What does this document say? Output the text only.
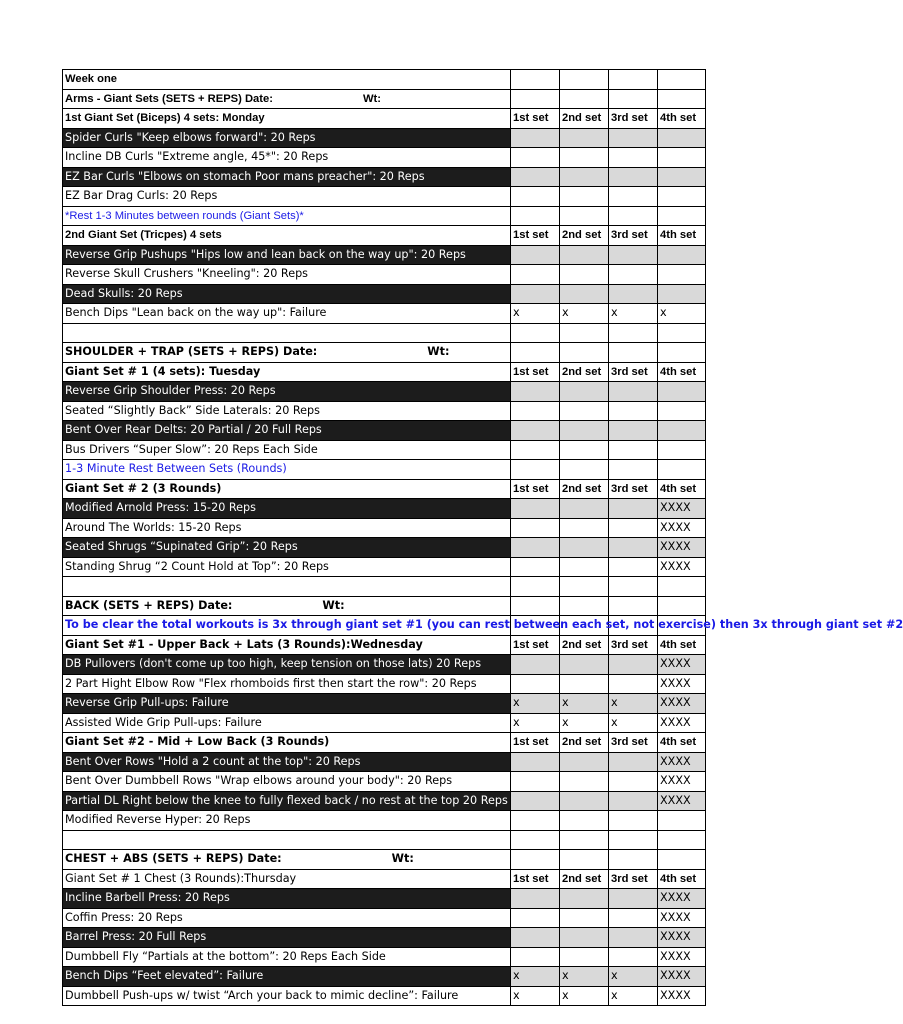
Week one				
Arms - Giant Sets (SETS + REPS) Date: Wt:				
1st Giant Set (Biceps) 4 sets: Monday	1st set	2nd set	3rd set	4th set
Spider Curls "Keep elbows forward": 20 Reps				
Incline DB Curls "Extreme angle, 45*": 20 Reps				
EZ Bar Curls "Elbows on stomach Poor mans preacher": 20 Reps				
EZ Bar Drag Curls: 20 Reps				
*Rest 1-3 Minutes between rounds (Giant Sets)*				
2nd Giant Set (Tricpes) 4 sets	1st set	2nd set	3rd set	4th set
Reverse Grip Pushups "Hips low and lean back on the way up": 20 Reps				
Reverse Skull Crushers "Kneeling": 20 Reps				
Dead Skulls: 20 Reps				
Bench Dips "Lean back on the way up": Failure	x	x	x	x

SHOULDER + TRAP (SETS + REPS) Date: Wt:				
Giant Set # 1 (4 sets): Tuesday	1st set	2nd set	3rd set	4th set
Reverse Grip Shoulder Press: 20 Reps				
Seated “Slightly Back” Side Laterals: 20 Reps				
Bent Over Rear Delts: 20 Partial / 20 Full Reps				
Bus Drivers “Super Slow”: 20 Reps Each Side				
1-3 Minute Rest Between Sets (Rounds)				
Giant Set # 2 (3 Rounds)	1st set	2nd set	3rd set	4th set
Modified Arnold Press: 15-20 Reps				XXXX
Around The Worlds: 15-20 Reps				XXXX
Seated Shrugs “Supinated Grip”: 20 Reps				XXXX
Standing Shrug “2 Count Hold at Top”: 20 Reps				XXXX

BACK (SETS + REPS) Date: Wt:				
To be clear the total workouts is 3x through giant set #1 (you can rest between each set, not exercise) then 3x through giant set #2				
Giant Set #1 - Upper Back + Lats (3 Rounds):Wednesday	1st set	2nd set	3rd set	4th set
DB Pullovers (don't come up too high, keep tension on those lats) 20 Reps				XXXX
2 Part Hight Elbow Row "Flex rhomboids first then start the row": 20 Reps				XXXX
Reverse Grip Pull-ups: Failure	x	x	x	XXXX
Assisted Wide Grip Pull-ups: Failure	x	x	x	XXXX
Giant Set #2 - Mid + Low Back (3 Rounds)	1st set	2nd set	3rd set	4th set
Bent Over Rows "Hold a 2 count at the top": 20 Reps				XXXX
Bent Over Dumbbell Rows "Wrap elbows around your body": 20 Reps				XXXX
Partial DL Right below the knee to fully flexed back / no rest at the top 20 Reps				XXXX
Modified Reverse Hyper: 20 Reps				

CHEST + ABS (SETS + REPS) Date: Wt:				
Giant Set # 1 Chest (3 Rounds):Thursday	1st set	2nd set	3rd set	4th set
Incline Barbell Press: 20 Reps				XXXX
Coffin Press: 20 Reps				XXXX
Barrel Press: 20 Full Reps				XXXX
Dumbbell Fly “Partials at the bottom”: 20 Reps Each Side				XXXX
Bench Dips “Feet elevated”: Failure	x	x	x	XXXX
Dumbbell Push-ups w/ twist “Arch your back to mimic decline”: Failure	x	x	x	XXXX
